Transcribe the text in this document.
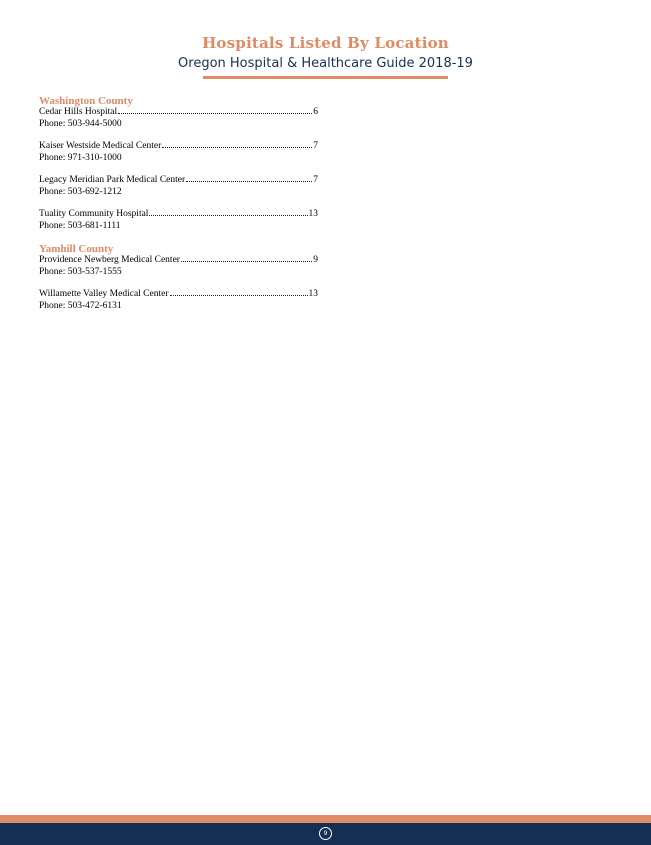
Hospitals Listed By Location
Oregon Hospital & Healthcare Guide 2018-19
Washington County
Cedar Hills Hospital	6
Phone: 503-944-5000
Kaiser Westside Medical Center	7
Phone: 971-310-1000
Legacy Meridian Park Medical Center	7
Phone: 503-692-1212
Tuality Community Hospital	13
Phone: 503-681-1111
Yamhill County
Providence Newberg Medical Center	9
Phone: 503-537-1555
Willamette Valley Medical Center	13
Phone: 503-472-6131
9
